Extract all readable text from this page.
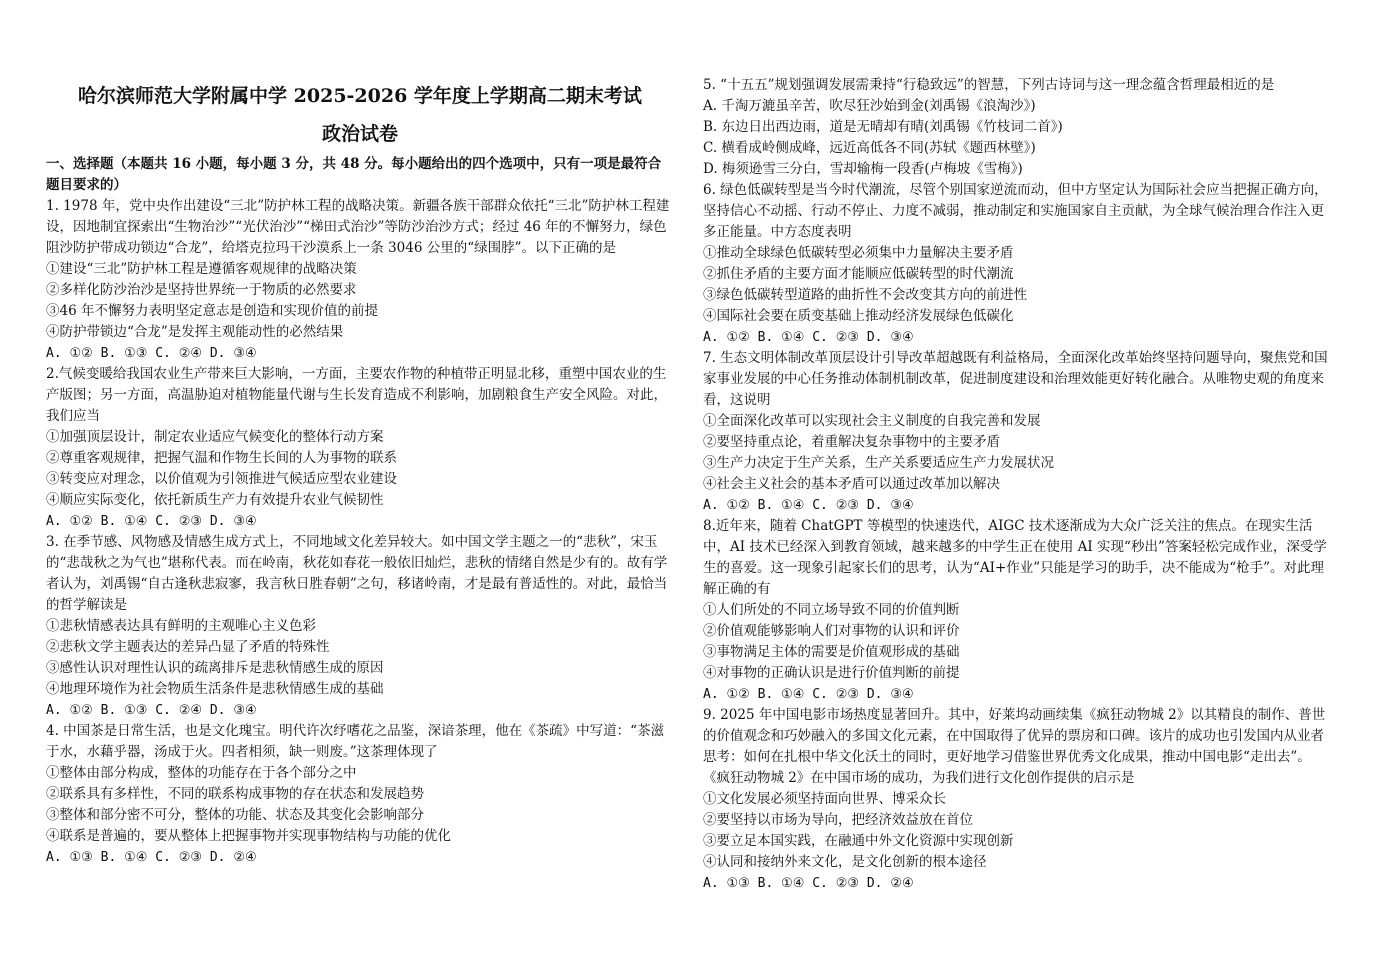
哈尔滨师范大学附属中学 2025-2026 学年度上学期高二期末考试

政治试卷

一、选择题（本题共 16 小题，每小题 3 分，共 48 分。每小题给出的四个选项中，只有一项是最符合题目要求的）

1. 1978 年，党中央作出建设“三北”防护林工程的战略决策。新疆各族干部群众依托“三北”防护林工程建设，因地制宜探索出“生物治沙”“光伏治沙”“梯田式治沙”等防沙治沙方式；经过 46 年的不懈努力，绿色阻沙防护带成功锁边“合龙”，给塔克拉玛干沙漠系上一条 3046 公里的“绿围脖”。以下正确的是

①建设“三北”防护林工程是遵循客观规律的战略决策

②多样化防沙治沙是坚持世界统一于物质的必然要求

③46 年不懈努力表明坚定意志是创造和实现价值的前提

④防护带锁边“合龙”是发挥主观能动性的必然结果

A. ①② B. ①③ C. ②④ D. ③④

2.气候变暖给我国农业生产带来巨大影响，一方面，主要农作物的种植带正明显北移，重塑中国农业的生产版图；另一方面，高温胁迫对植物能量代谢与生长发育造成不利影响，加剧粮食生产安全风险。对此，我们应当

①加强顶层设计，制定农业适应气候变化的整体行动方案

②尊重客观规律，把握气温和作物生长间的人为事物的联系

③转变应对理念，以价值观为引领推进气候适应型农业建设

④顺应实际变化，依托新质生产力有效提升农业气候韧性

A. ①② B. ①④ C. ②③ D. ③④

3. 在季节感、风物感及情感生成方式上，不同地域文化差异较大。如中国文学主题之一的“悲秋”，宋玉的“悲哉秋之为气也”堪称代表。而在岭南，秋花如春花一般依旧灿烂，悲秋的情绪自然是少有的。故有学者认为，刘禹锡“自古逢秋悲寂寥，我言秋日胜春朝”之句，移诸岭南，才是最有普适性的。对此，最恰当的哲学解读是

①悲秋情感表达具有鲜明的主观唯心主义色彩

②悲秋文学主题表达的差异凸显了矛盾的特殊性

③感性认识对理性认识的疏离排斥是悲秋情感生成的原因

④地理环境作为社会物质生活条件是悲秋情感生成的基础

A. ①② B. ①③ C. ②④ D. ③④

4. 中国茶是日常生活，也是文化瑰宝。明代许次纾嗜花之品鉴，深谙茶理，他在《茶疏》中写道：“茶滋于水，水藉乎器，汤成于火。四者相须，缺一则废。”这茶理体现了

①整体由部分构成，整体的功能存在于各个部分之中

②联系具有多样性，不同的联系构成事物的存在状态和发展趋势

③整体和部分密不可分，整体的功能、状态及其变化会影响部分

④联系是普遍的，要从整体上把握事物并实现事物结构与功能的优化

A. ①③ B. ①④ C. ②③ D. ②④

5. “十五五”规划强调发展需秉持“行稳致远”的智慧，下列古诗词与这一理念蕴含哲理最相近的是

A. 千淘万漉虽辛苦，吹尽狂沙始到金(刘禹锡《浪淘沙》)

B. 东边日出西边雨，道是无晴却有晴(刘禹锡《竹枝词二首》)

C. 横看成岭侧成峰，远近高低各不同(苏轼《题西林壁》)

D. 梅须逊雪三分白，雪却输梅一段香(卢梅坡《雪梅》)

6. 绿色低碳转型是当今时代潮流，尽管个别国家逆流而动，但中方坚定认为国际社会应当把握正确方向，坚持信心不动摇、行动不停止、力度不减弱，推动制定和实施国家自主贡献，为全球气候治理合作注入更多正能量。中方态度表明

①推动全球绿色低碳转型必须集中力量解决主要矛盾

②抓住矛盾的主要方面才能顺应低碳转型的时代潮流

③绿色低碳转型道路的曲折性不会改变其方向的前进性

④国际社会要在质变基础上推动经济发展绿色低碳化

A. ①② B. ①④ C. ②③ D. ③④

7. 生态文明体制改革顶层设计引导改革超越既有利益格局，全面深化改革始终坚持问题导向，聚焦党和国家事业发展的中心任务推动体制机制改革，促进制度建设和治理效能更好转化融合。从唯物史观的角度来看，这说明

①全面深化改革可以实现社会主义制度的自我完善和发展

②要坚持重点论，着重解决复杂事物中的主要矛盾

③生产力决定于生产关系，生产关系要适应生产力发展状况

④社会主义社会的基本矛盾可以通过改革加以解决

A. ①② B. ①④ C. ②③ D. ③④

8.近年来，随着 ChatGPT 等模型的快速迭代，AIGC 技术逐渐成为大众广泛关注的焦点。在现实生活中，AI 技术已经深入到教育领域，越来越多的中学生正在使用 AI 实现“秒出”答案轻松完成作业，深受学生的喜爱。这一现象引起家长们的思考，认为“AI+作业”只能是学习的助手，决不能成为“枪手”。对此理解正确的有

①人们所处的不同立场导致不同的价值判断

②价值观能够影响人们对事物的认识和评价

③事物满足主体的需要是价值观形成的基础

④对事物的正确认识是进行价值判断的前提

A. ①② B. ①④ C. ②③ D. ③④

9. 2025 年中国电影市场热度显著回升。其中，好莱坞动画续集《疯狂动物城 2》以其精良的制作、普世的价值观念和巧妙融入的多国文化元素，在中国取得了优异的票房和口碑。该片的成功也引发国内从业者思考：如何在扎根中华文化沃土的同时，更好地学习借鉴世界优秀文化成果，推动中国电影“走出去”。《疯狂动物城 2》在中国市场的成功，为我们进行文化创作提供的启示是

①文化发展必须坚持面向世界、博采众长

②要坚持以市场为导向，把经济效益放在首位

③要立足本国实践，在融通中外文化资源中实现创新

④认同和接纳外来文化，是文化创新的根本途径

A. ①③ B. ①④ C. ②③ D. ②④
